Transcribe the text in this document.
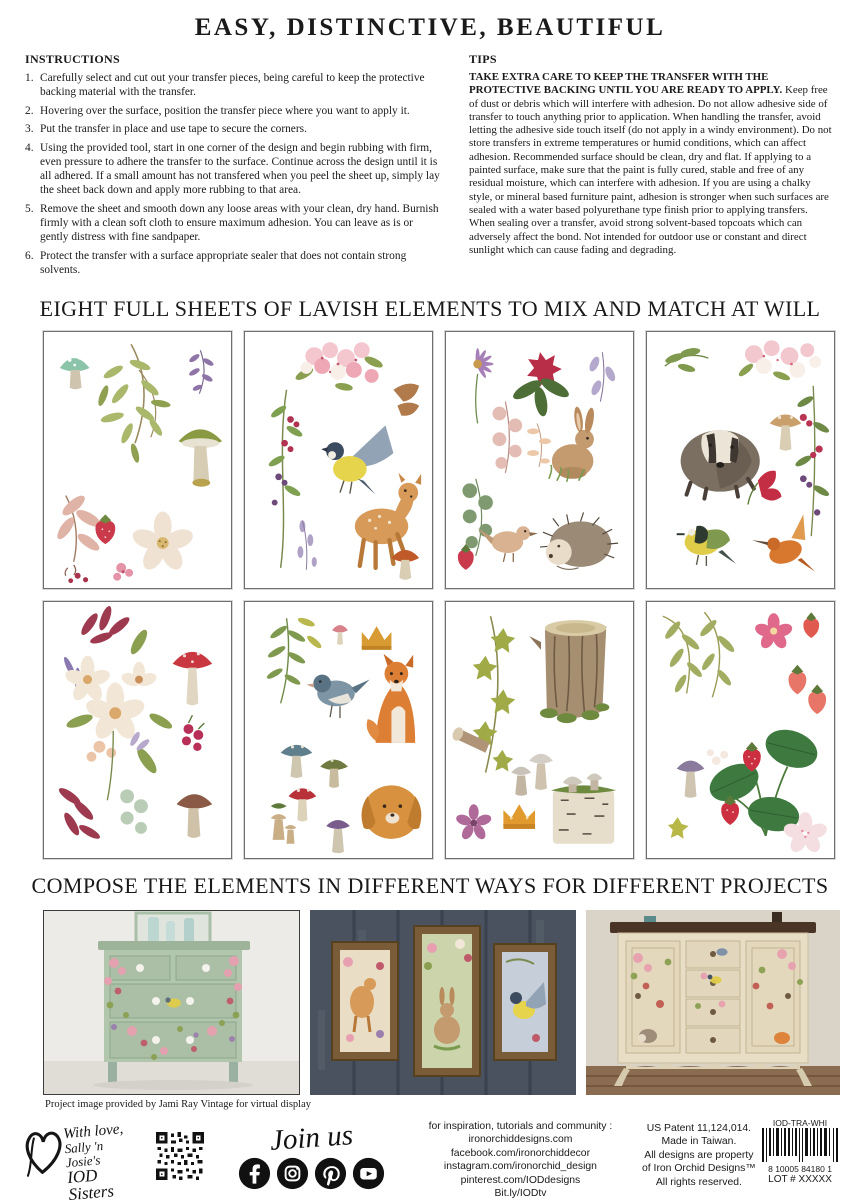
EASY, DISTINCTIVE, BEAUTIFUL
INSTRUCTIONS
Carefully select and cut out your transfer pieces, being careful to keep the protective backing material with the transfer.
Hovering over the surface, position the transfer piece where you want to apply it.
Put the transfer in place and use tape to secure the corners.
Using the provided tool, start in one corner of the design and begin rubbing with firm, even pressure to adhere the transfer to the surface. Continue across the design until it is all adhered. If a small amount has not transfered when you peel the sheet up, simply lay the sheet back down and apply more rubbing to that area.
Remove the sheet and smooth down any loose areas with your clean, dry hand. Burnish firmly with a clean soft cloth to ensure maximum adhesion. You can leave as is or gently distress with fine sandpaper.
Protect the transfer with a surface appropriate sealer that does not contain strong solvents.
TIPS
TAKE EXTRA CARE TO KEEP THE TRANSFER WITH THE PROTECTIVE BACKING UNTIL YOU ARE READY TO APPLY. Keep free of dust or debris which will interfere with adhesion. Do not allow adhesive side of transfer to touch anything prior to application. When handling the transfer, avoid letting the adhesive side touch itself (do not apply in a windy environment). Do not store transfers in extreme temperatures or humid conditions, which can affect adhesion. Recommended surface should be clean, dry and flat. If applying to a painted surface, make sure that the paint is fully cured, stable and free of any residual moisture, which can interfere with adhesion. If you are using a chalky style, or mineral based furniture paint, adhesion is stronger when such surfaces are sealed with a water based polyurethane type finish prior to applying transfers. When sealing over a transfer, avoid strong solvent-based topcoats which can adversely affect the bond. Not intended for outdoor use or constant and direct sunlight which can cause fading and degrading.
EIGHT FULL SHEETS OF LAVISH ELEMENTS TO MIX AND MATCH AT WILL
COMPOSE THE ELEMENTS IN DIFFERENT WAYS FOR DIFFERENT PROJECTS
Project image provided by Jami Ray Vintage for virtual display
With love,
Sally 'n Josie's
IOD Sisters
Join us	for inspiration, tutorials and community :
ironorchiddesigns.com
facebook.com/ironorchiddecor
instagram.com/ironorchid_design
pinterest.com/IODdesigns
Bit.ly/IODtv
US Patent 11,124,014.
Made in Taiwan.
All designs are property
of Iron Orchid Designs™
All rights reserved.
IOD-TRA-WHI
8 10005 84180 1
LOT # XXXXX
